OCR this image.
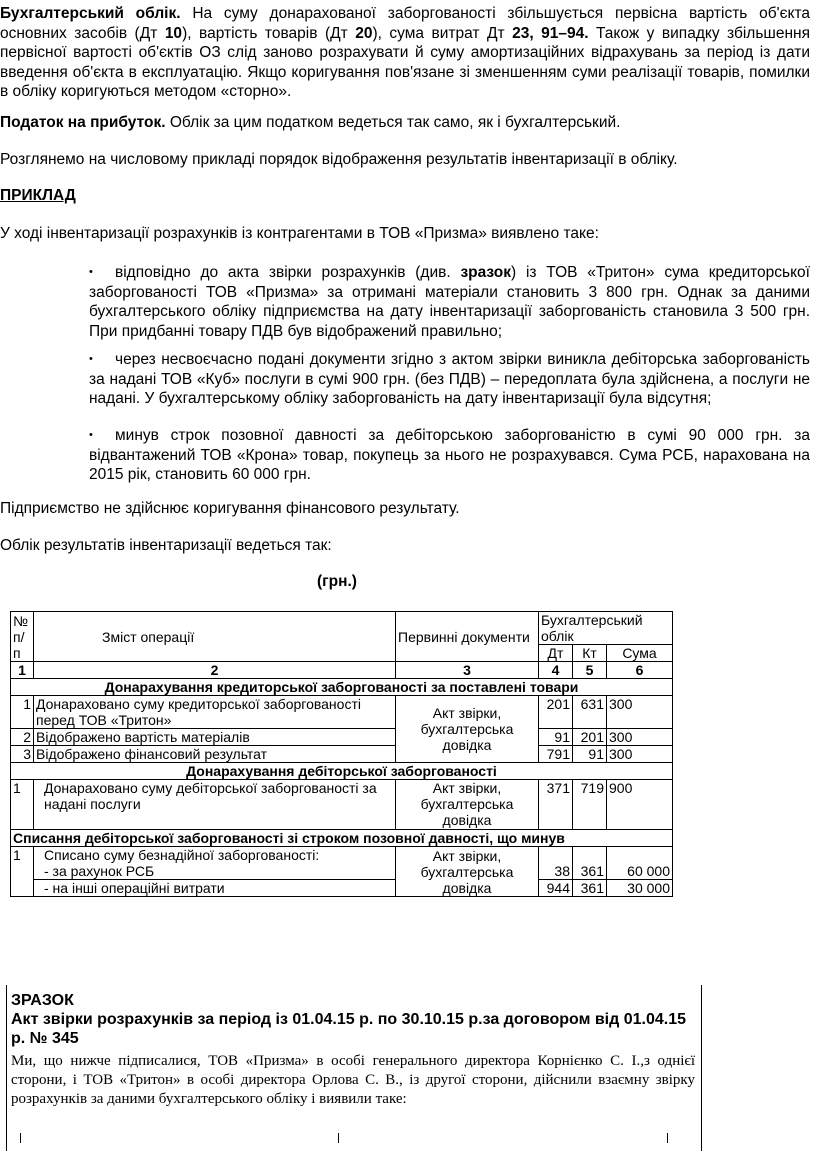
Бухгалтерський облік. На суму донарахованої заборгованості збільшується первісна вартість об'єкта основних засобів (Дт 10), вартість товарів (Дт 20), сума витрат Дт 23, 91–94. Також у випадку збільшення первісної вартості об'єктів ОЗ слід заново розрахувати й суму амортизаційних відрахувань за період із дати введення об'єкта в експлуатацію. Якщо коригування пов'язане зі зменшенням суми реалізації товарів, помилки в обліку коригуються методом «сторно».

Податок на прибуток. Облік за цим податком ведеться так само, як і бухгалтерський.

Розглянемо на числовому прикладі порядок відображення результатів інвентаризації в обліку.

ПРИКЛАД

У ході інвентаризації розрахунків із контрагентами в ТОВ «Призма» виявлено таке:

• відповідно до акта звірки розрахунків (див. зразок) із ТОВ «Тритон» сума кредиторської заборгованості ТОВ «Призма» за отримані матеріали становить 3 800 грн. Однак за даними бухгалтерського обліку підприємства на дату інвентаризації заборгованість становила 3 500 грн. При придбанні товару ПДВ був відображений правильно;

• через несвоєчасно подані документи згідно з актом звірки виникла дебіторська заборгованість за надані ТОВ «Куб» послуги в сумі 900 грн. (без ПДВ) – передоплата була здійснена, а послуги не надані. У бухгалтерському обліку заборгованість на дату інвентаризації була відсутня;

• минув строк позовної давності за дебіторською заборгованістю в сумі 90 000 грн. за відвантажений ТОВ «Крона» товар, покупець за нього не розрахувався. Сума РСБ, нарахована на 2015 рік, становить 60 000 грн.

Підприємство не здійснює коригування фінансового результату.

Облік результатів інвентаризації ведеться так:

(грн.)

№ п/п	Зміст операції	Первинні документи	Бухгалтерський облік		
			Дт	Кт	Сума
1	2	3	4	5	6
Донарахування кредиторської заборгованості за поставлені товари					
1	Донараховано суму кредиторської заборгованості перед ТОВ «Тритон»	Акт звірки, бухгалтерська довідка	201	631	300
2	Відображено вартість матеріалів		91	201	300
3	Відображено фінансовий результат		791	91	300
Донарахування дебіторської заборгованості					
1	Донараховано суму дебіторської заборгованості за надані послуги	Акт звірки, бухгалтерська довідка	371	719	900
Списання дебіторської заборгованості зі строком позовної давності, що минув					
1	Списано суму безнадійної заборгованості:	Акт звірки, бухгалтерська довідка			
	- за рахунок РСБ		38	361	60 000
	- на інші операційні витрати		944	361	30 000
ЗРАЗОК
Акт звірки розрахунків за період із 01.04.15 р. по 30.10.15 р.за договором від 01.04.15 р. № 345
Ми, що нижче підписалися, ТОВ «Призма» в особі генерального директора Корнієнко С. І.,з однієї сторони, і ТОВ «Тритон» в особі директора Орлова С. В., із другої сторони, дійснили взаємну звірку розрахунків за даними бухгалтерського обліку і виявили таке:
